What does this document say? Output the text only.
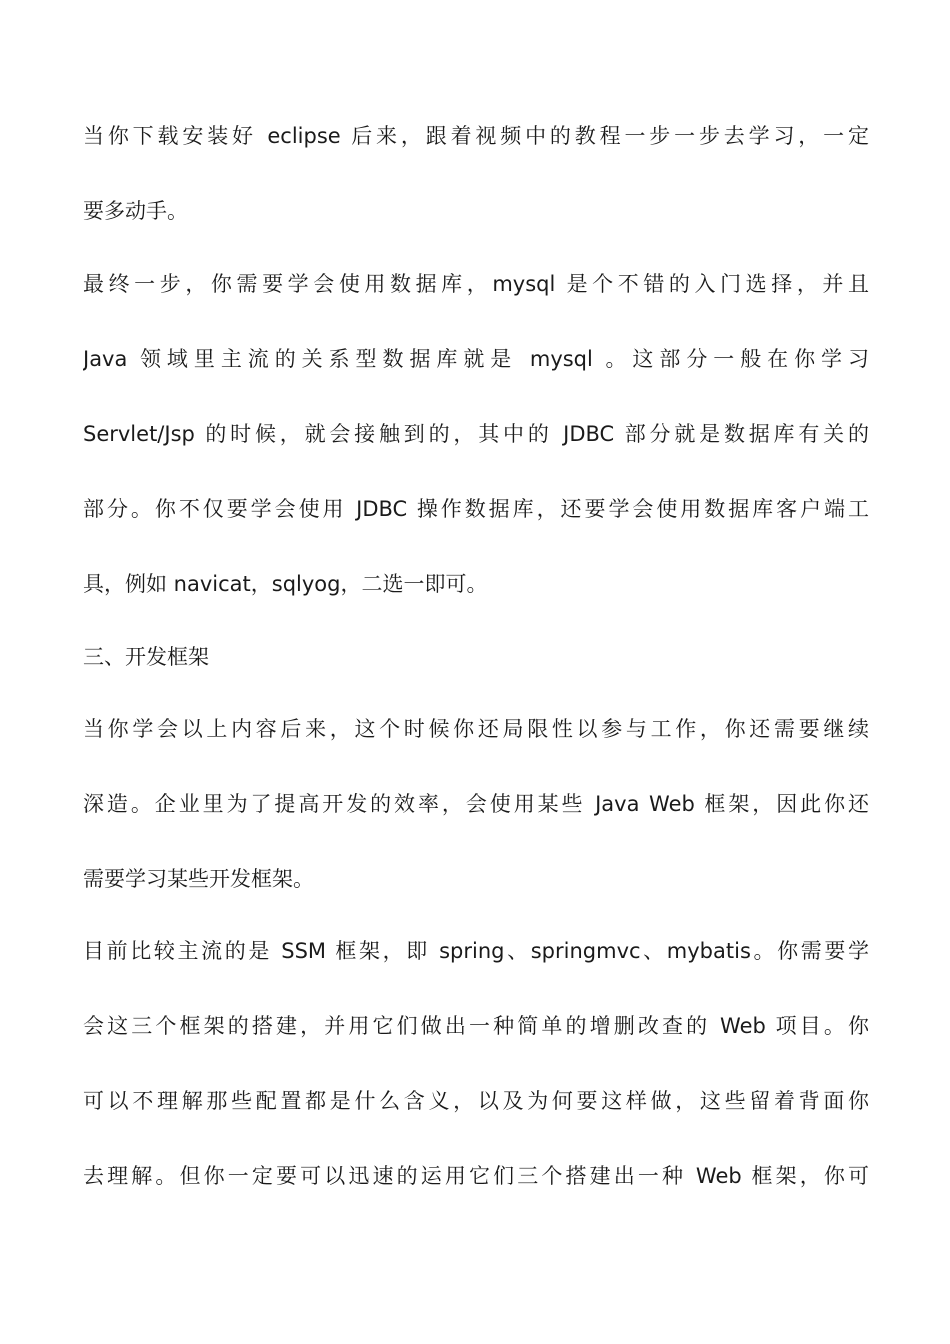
当你下载安装好 eclipse 后来，跟着视频中的教程一步一步去学习，一定
要多动手。
最终一步，你需要学会使用数据库，mysql 是个不错的入门选择，并且
Java 领域里主流的关系型数据库就是 mysql 。这部分一般在你学习
Servlet/Jsp 的时候，就会接触到的，其中的 JDBC 部分就是数据库有关的
部分。你不仅要学会使用 JDBC 操作数据库，还要学会使用数据库客户端工
具，例如 navicat，sqlyog，二选一即可。
三、开发框架
当你学会以上内容后来，这个时候你还局限性以参与工作，你还需要继续
深造。企业里为了提高开发的效率，会使用某些 Java Web 框架，因此你还
需要学习某些开发框架。
目前比较主流的是 SSM 框架，即 spring、springmvc、mybatis。你需要学
会这三个框架的搭建，并用它们做出一种简单的增删改查的 Web 项目。你
可以不理解那些配置都是什么含义，以及为何要这样做，这些留着背面你
去理解。但你一定要可以迅速的运用它们三个搭建出一种 Web 框架，你可
